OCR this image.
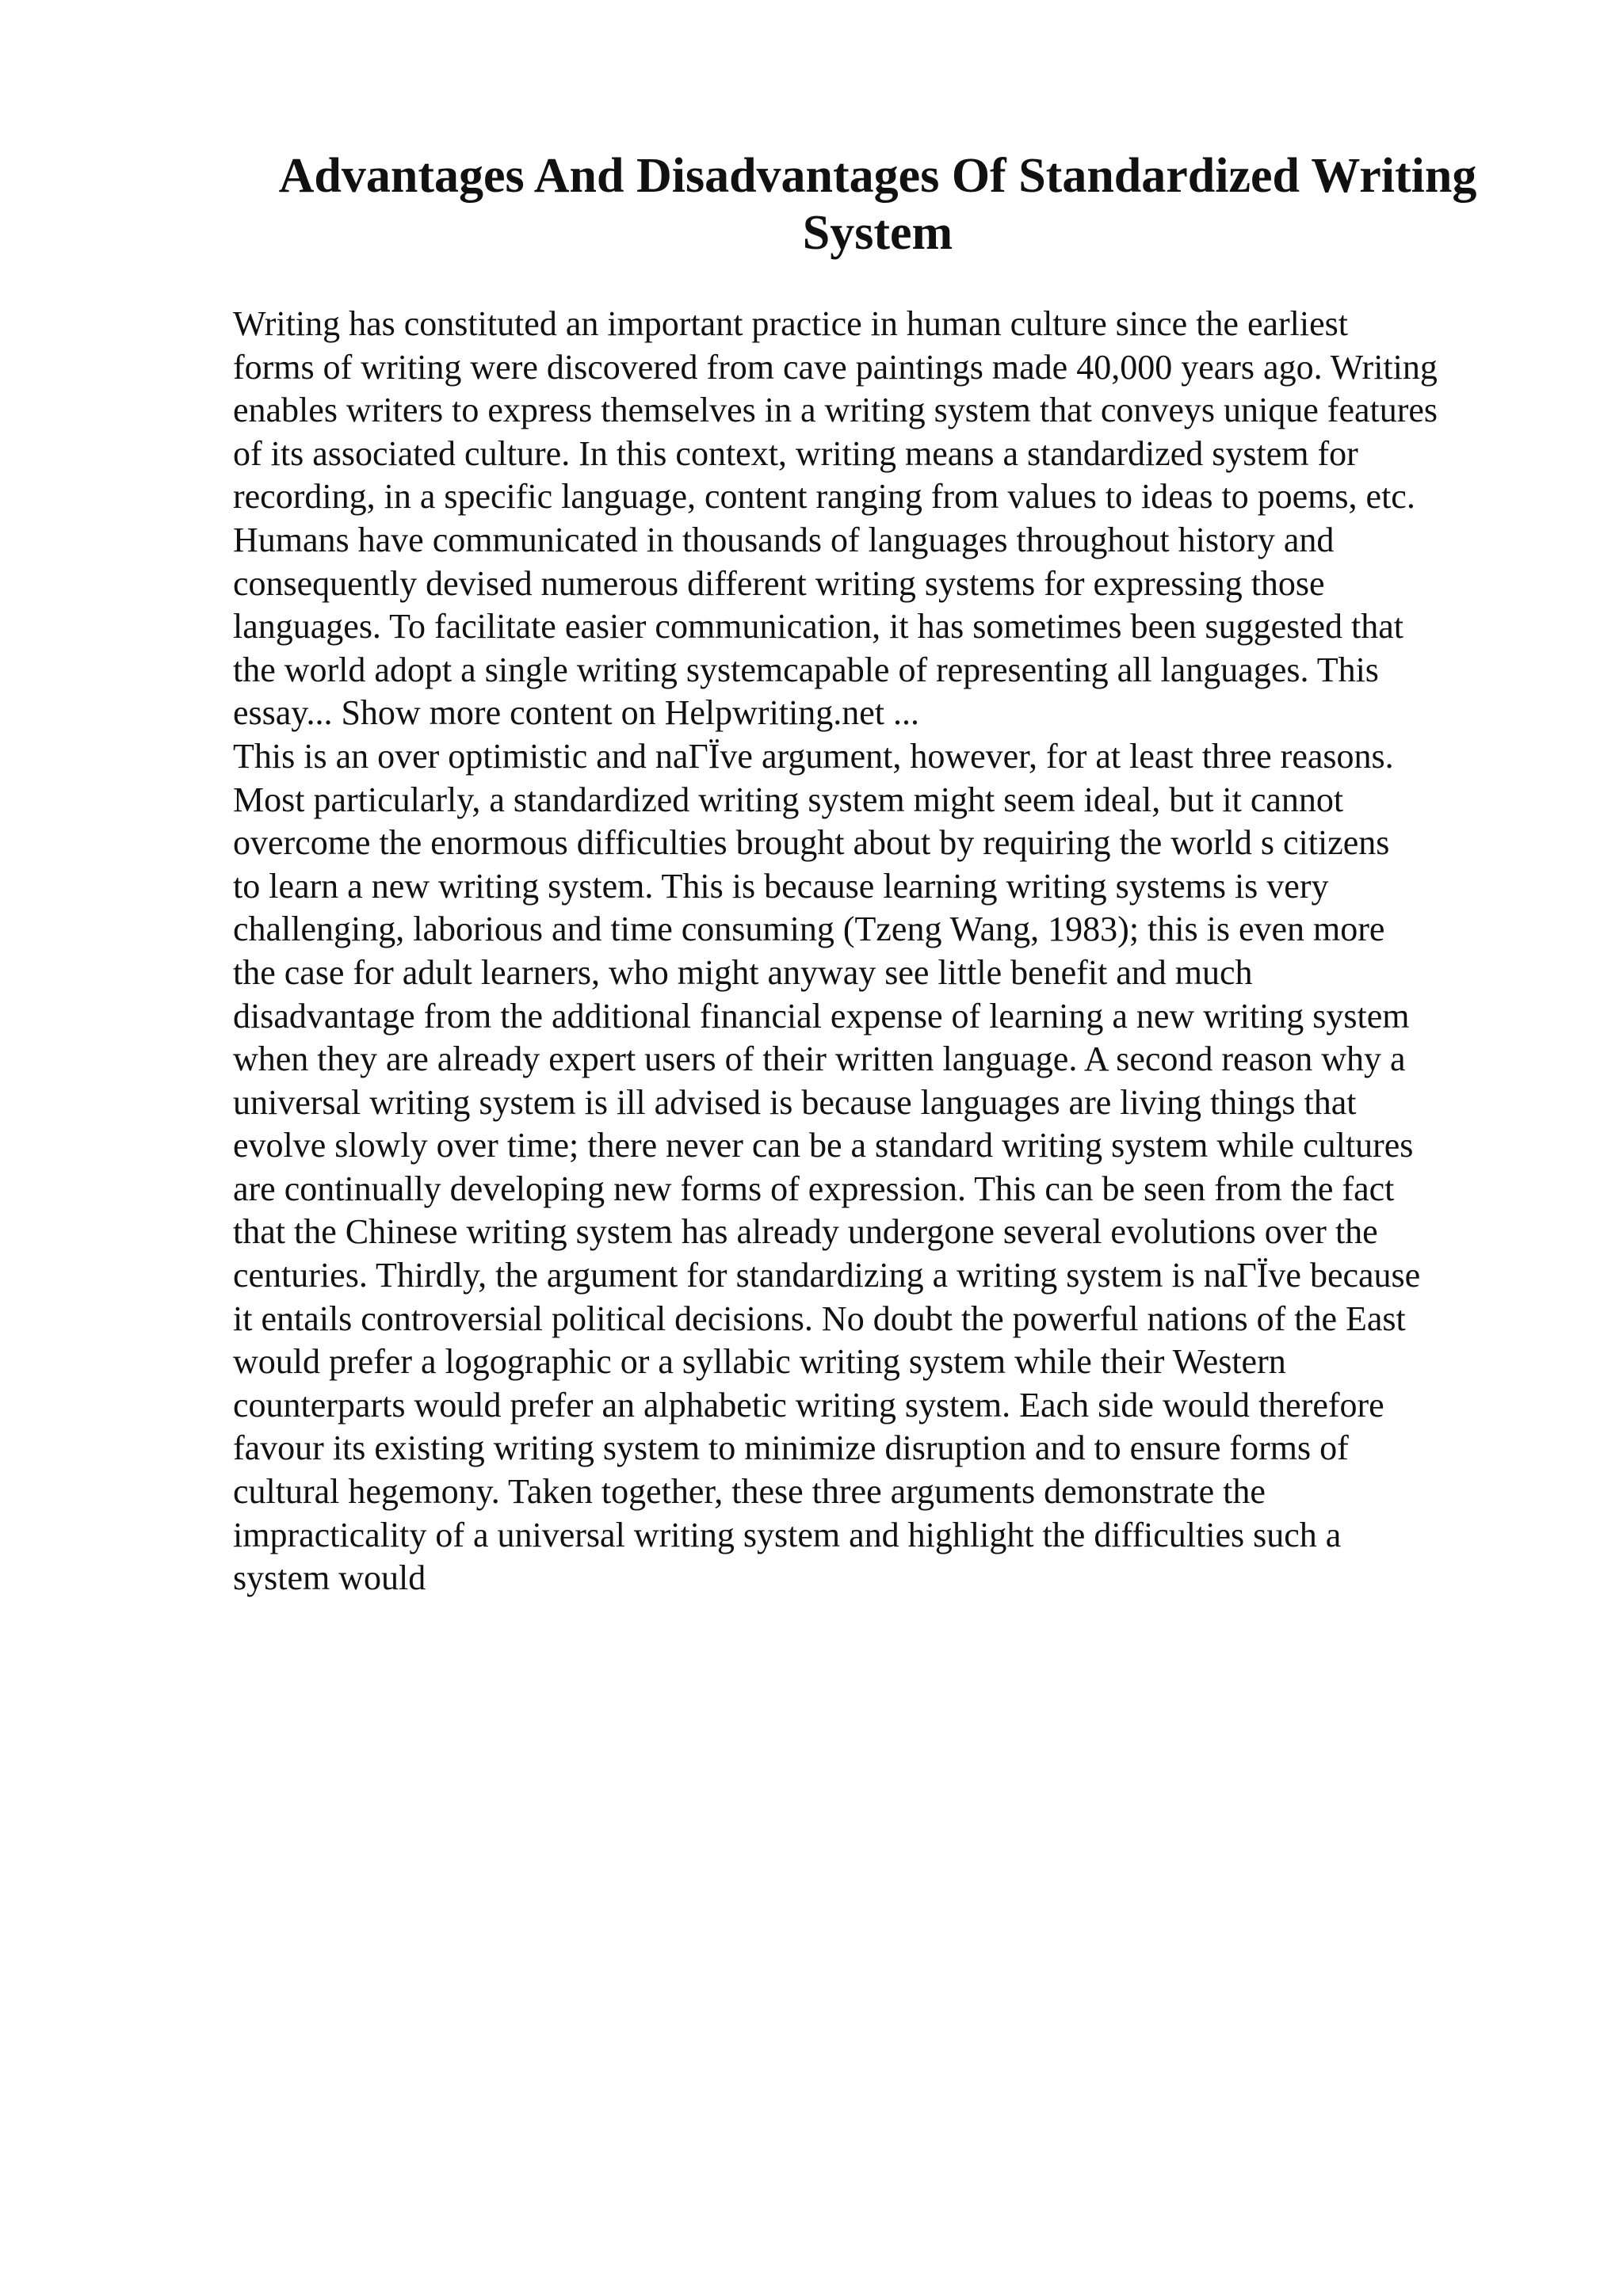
Advantages And Disadvantages Of Standardized Writing System
Writing has constituted an important practice in human culture since the earliest
forms of writing were discovered from cave paintings made 40,000 years ago. Writing
enables writers to express themselves in a writing system that conveys unique features
of its associated culture. In this context, writing means a standardized system for
recording, in a specific language, content ranging from values to ideas to poems, etc.
Humans have communicated in thousands of languages throughout history and
consequently devised numerous different writing systems for expressing those
languages. To facilitate easier communication, it has sometimes been suggested that
the world adopt a single writing systemcapable of representing all languages. This
essay... Show more content on Helpwriting.net ...
This is an over optimistic and naΓЇve argument, however, for at least three reasons.
Most particularly, a standardized writing system might seem ideal, but it cannot
overcome the enormous difficulties brought about by requiring the world s citizens
to learn a new writing system. This is because learning writing systems is very
challenging, laborious and time consuming (Tzeng Wang, 1983); this is even more
the case for adult learners, who might anyway see little benefit and much
disadvantage from the additional financial expense of learning a new writing system
when they are already expert users of their written language. A second reason why a
universal writing system is ill advised is because languages are living things that
evolve slowly over time; there never can be a standard writing system while cultures
are continually developing new forms of expression. This can be seen from the fact
that the Chinese writing system has already undergone several evolutions over the
centuries. Thirdly, the argument for standardizing a writing system is naΓЇve because
it entails controversial political decisions. No doubt the powerful nations of the East
would prefer a logographic or a syllabic writing system while their Western
counterparts would prefer an alphabetic writing system. Each side would therefore
favour its existing writing system to minimize disruption and to ensure forms of
cultural hegemony. Taken together, these three arguments demonstrate the
impracticality of a universal writing system and highlight the difficulties such a
system would
